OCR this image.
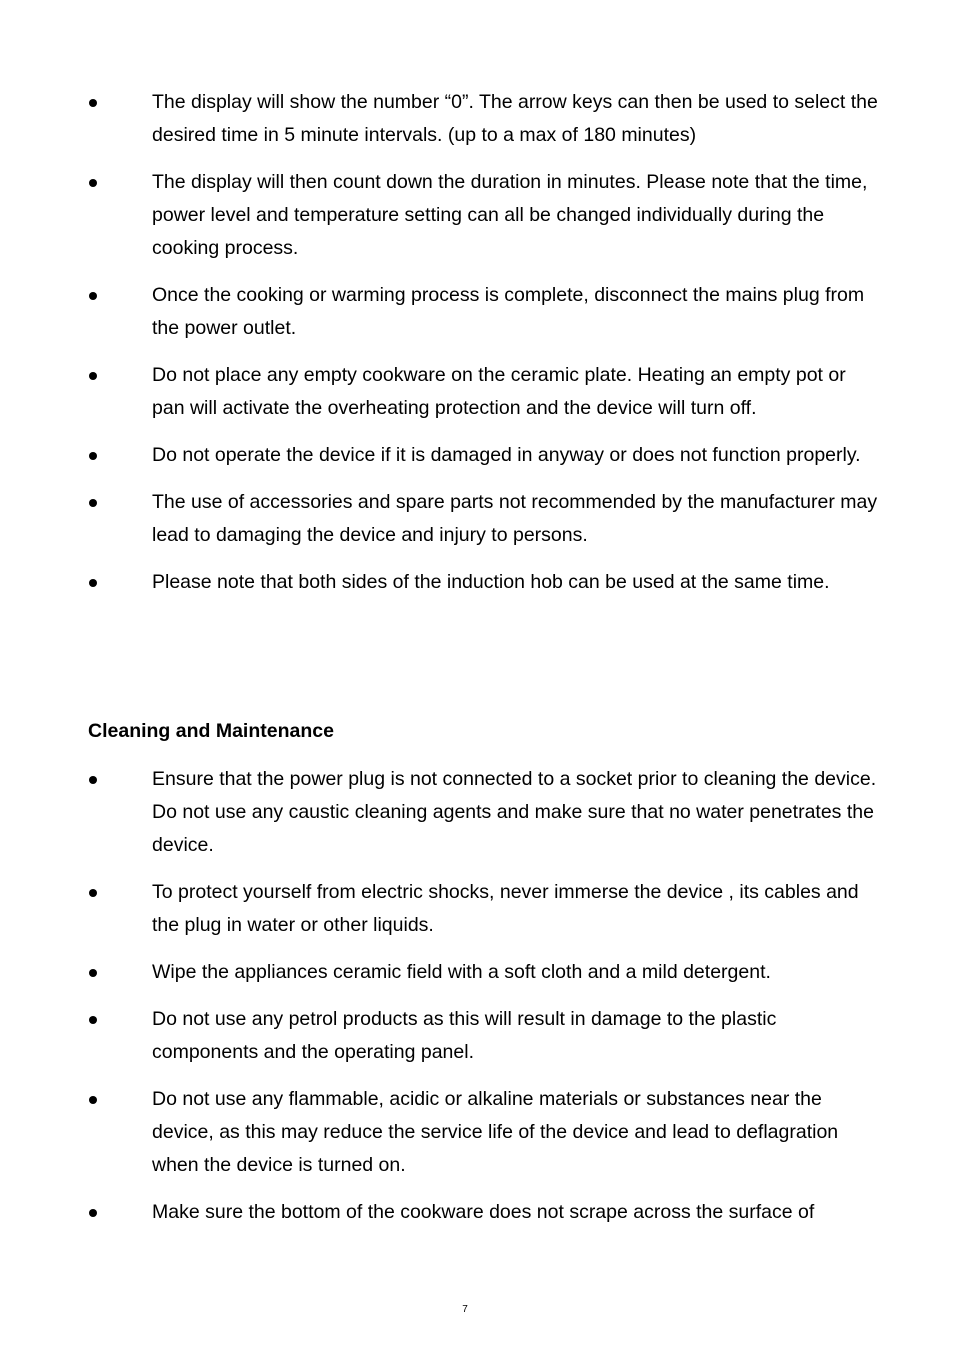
The display will show the number “0”. The arrow keys can then be used to select the desired time in 5 minute intervals. (up to a max of 180 minutes)
The display will then count down the duration in minutes. Please note that the time, power level and temperature setting can all be changed individually during the cooking process.
Once the cooking or warming process is complete, disconnect the mains plug from the power outlet.
Do not place any empty cookware on the ceramic plate. Heating an empty pot or pan will activate the overheating protection and the device will turn off.
Do not operate the device if it is damaged in anyway or does not function properly.
The use of accessories and spare parts not recommended by the manufacturer may lead to damaging the device and injury to persons.
Please note that both sides of the induction hob can be used at the same time.
Cleaning and Maintenance
Ensure that the power plug is not connected to a socket prior to cleaning the device. Do not use any caustic cleaning agents and make sure that no water penetrates the device.
To protect yourself from electric shocks, never immerse the device , its cables and the plug in water or other liquids.
Wipe the appliances ceramic field with a soft cloth and a mild detergent.
Do not use any petrol products as this will result in damage to the plastic components and the operating panel.
Do not use any flammable, acidic or alkaline materials or substances near the device, as this may reduce the service life of the device and lead to deflagration when the device is turned on.
Make sure the bottom of the cookware does not scrape across the surface of
7
